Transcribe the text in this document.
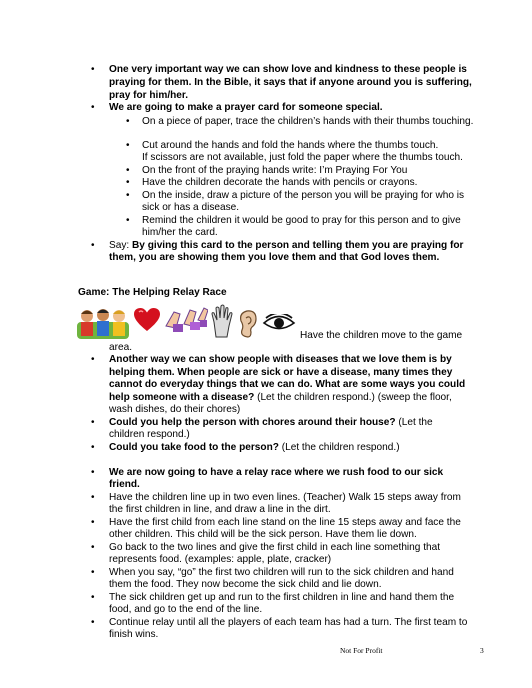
• One very important way we can show love and kindness to these people is
praying for them. In the Bible, it says that if anyone around you is suffering,
pray for him/her.
• We are going to make a prayer card for someone special.
• On a piece of paper, trace the children’s hands with their thumbs touching.
• Cut around the hands and fold the hands where the thumbs touch.
If scissors are not available, just fold the paper where the thumbs touch.
• On the front of the praying hands write: I’m Praying For You
• Have the children decorate the hands with pencils or crayons.
• On the inside, draw a picture of the person you will be praying for who is
sick or has a disease.
• Remind the children it would be good to pray for this person and to give
him/her the card.
• Say: By giving this card to the person and telling them you are praying for
them, you are showing them you love them and that God loves them.
Game: The Helping Relay Race
Have the children move to the game
area.
• Another way we can show people with diseases that we love them is by
helping them. When people are sick or have a disease, many times they
cannot do everyday things that we can do. What are some ways you could
help someone with a disease? (Let the children respond.) (sweep the floor,
wash dishes, do their chores)
• Could you help the person with chores around their house? (Let the
children respond.)
• Could you take food to the person? (Let the children respond.)
• We are now going to have a relay race where we rush food to our sick
friend.
• Have the children line up in two even lines. (Teacher) Walk 15 steps away from
the first children in line, and draw a line in the dirt.
• Have the first child from each line stand on the line 15 steps away and face the
other children. This child will be the sick person. Have them lie down.
• Go back to the two lines and give the first child in each line something that
represents food. (examples: apple, plate, cracker)
• When you say, “go” the first two children will run to the sick children and hand
them the food. They now become the sick child and lie down.
• The sick children get up and run to the first children in line and hand them the
food, and go to the end of the line.
• Continue relay until all the players of each team has had a turn. The first team to
finish wins.
Not For Profit	3
